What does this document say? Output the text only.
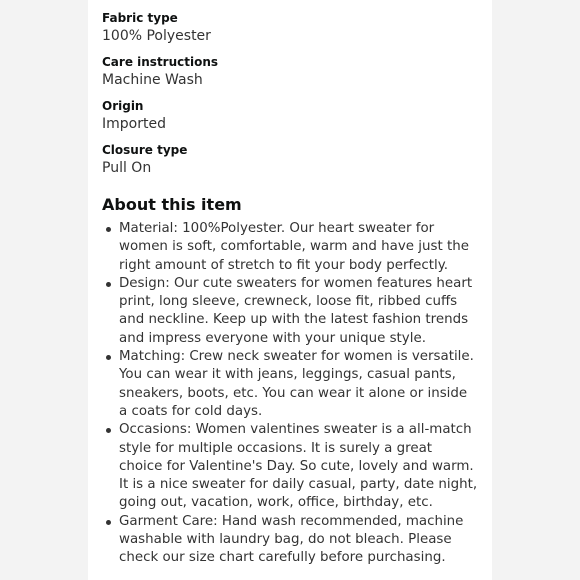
Fabric type
100% Polyester
Care instructions
Machine Wash
Origin
Imported
Closure type
Pull On
About this item
Material: 100%Polyester. Our heart sweater for women is soft, comfortable, warm and have just the right amount of stretch to fit your body perfectly.
Design: Our cute sweaters for women features heart print, long sleeve, crewneck, loose fit, ribbed cuffs and neckline. Keep up with the latest fashion trends and impress everyone with your unique style.
Matching: Crew neck sweater for women is versatile. You can wear it with jeans, leggings, casual pants, sneakers, boots, etc. You can wear it alone or inside a coats for cold days.
Occasions: Women valentines sweater is a all-match style for multiple occasions. It is surely a great choice for Valentine's Day. So cute, lovely and warm. It is a nice sweater for daily casual, party, date night, going out, vacation, work, office, birthday, etc.
Garment Care: Hand wash recommended, machine washable with laundry bag, do not bleach. Please check our size chart carefully before purchasing.
